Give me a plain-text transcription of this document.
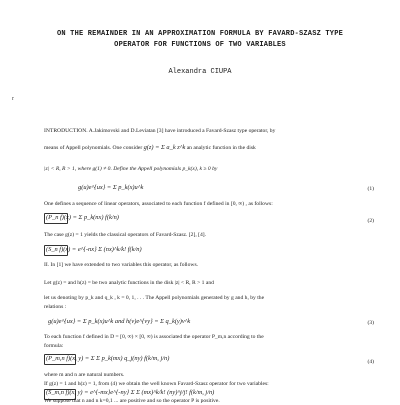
ON THE REMAINDER IN AN APPROXIMATION FORMULA BY FAVARD-SZASZ TYPE
OPERATOR FOR FUNCTIONS OF TWO VARIABLES
Alexandra CIUPA
r
INTRODUCTION. A.Jakimovski and D.Leviatan [3] have introduced a Favard-Szasz type operator, by
means of Appell polynomials. One consider g(z) = Σ a_k z^k an analytic function in the disk
|z| < R, R > 1, where g(1) ≠ 0. Define the Appell polynomials p_k(x), k ≥ 0 by
g(u)e^{ux} = Σ p_k(x)u^k	(1)
One defines a sequence of linear operators, associated to each function f defined in [0, ∞) , as follows:
(P_n f)(x) = Σ p_k(nx) f(k/n)	(2)
The case g(z) = 1 yields the classical operators of Favard-Szasz. [2], [4].
(S_n f)(x) = e^{-nx} Σ (nx)^k/k! f(k/n)
II. In [1] we have extended to two variables this operator, as follows.
Let g(z) = and h(z) = be two analytic functions in the disk |z| < R, R > 1 and
let us denoting by p_k and q_k , k = 0, 1, . . . The Appell polynomials generated by g and h, by the
relations :
g(u)e^{ux} = Σ p_k(x)u^k and h(v)e^{vy} = Σ q_k(y)v^k	(3)
To each function f defined in D = [0, ∞) × [0, ∞) is associated the operator P_m,n according to the
formula:
(P_m,n f)(x, y) = Σ Σ p_k(mx) q_j(ny) f(k/m, j/n)	(4)
where m and n are natural numbers.
If g(z) = 1 and h(z) = 1, from (4) we obtain the well known Favard-Szasz operator for two variables:
(S_m,n f)(x, y) = e^{-mx}e^{-ny} Σ Σ (mx)^k/k! (ny)^j/j! f(k/m, j/n)
We suppose that n and n k=0,1 ... are positive and so the operator P is positive.
